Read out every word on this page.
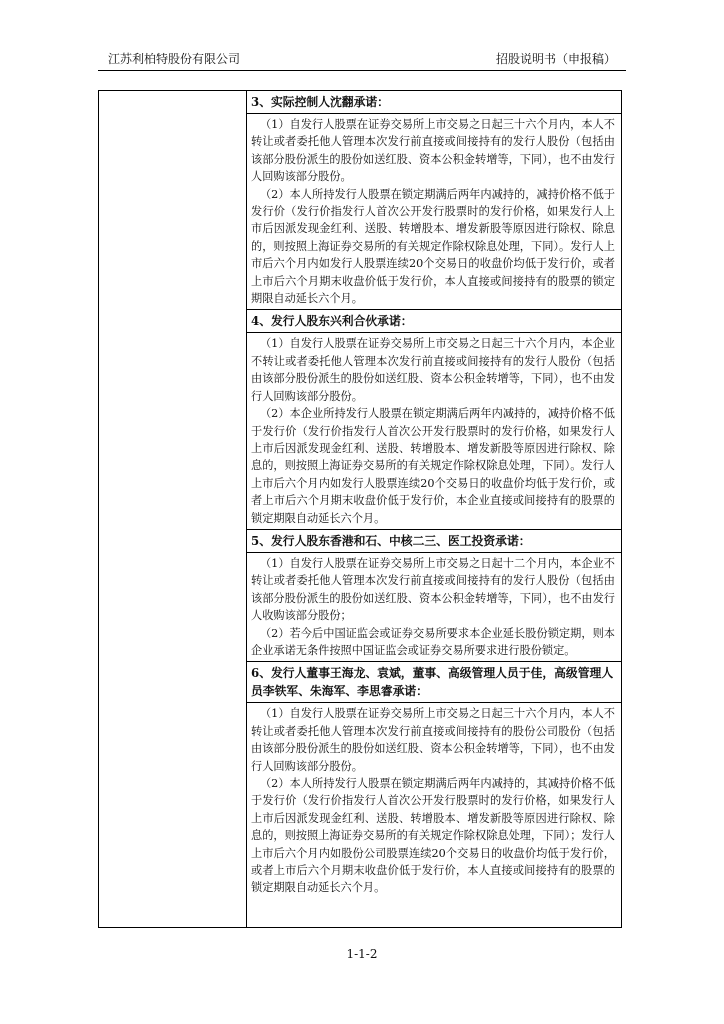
江苏利柏特股份有限公司	招股说明书（申报稿）
3、实际控制人沈翻承诺：

（1）自发行人股票在证券交易所上市交易之日起三十六个月内，本人不转让或者委托他人管理本次发行前直接或间接持有的发行人股份（包括由该部分股份派生的股份如送红股、资本公积金转增等，下同），也不由发行人回购该部分股份。

（2）本人所持发行人股票在锁定期满后两年内减持的，减持价格不低于发行价（发行价指发行人首次公开发行股票时的发行价格，如果发行人上市后因派发现金红利、送股、转增股本、增发新股等原因进行除权、除息的，则按照上海证券交易所的有关规定作除权除息处理，下同）。发行人上市后六个月内如发行人股票连续20个交易日的收盘价均低于发行价，或者上市后六个月期末收盘价低于发行价，本人直接或间接持有的股票的锁定期限自动延长六个月。

4、发行人股东兴利合伙承诺：

（1）自发行人股票在证券交易所上市交易之日起三十六个月内，本企业不转让或者委托他人管理本次发行前直接或间接持有的发行人股份（包括由该部分股份派生的股份如送红股、资本公积金转增等，下同），也不由发行人回购该部分股份。

（2）本企业所持发行人股票在锁定期满后两年内减持的，减持价格不低于发行价（发行价指发行人首次公开发行股票时的发行价格，如果发行人上市后因派发现金红利、送股、转增股本、增发新股等原因进行除权、除息的，则按照上海证券交易所的有关规定作除权除息处理，下同）。发行人上市后六个月内如发行人股票连续20个交易日的收盘价均低于发行价，或者上市后六个月期末收盘价低于发行价，本企业直接或间接持有的股票的锁定期限自动延长六个月。

5、发行人股东香港和石、中核二三、医工投资承诺：

（1）自发行人股票在证券交易所上市交易之日起十二个月内，本企业不转让或者委托他人管理本次发行前直接或间接持有的发行人股份（包括由该部分股份派生的股份如送红股、资本公积金转增等，下同），也不由发行人收购该部分股份；

（2）若今后中国证监会或证券交易所要求本企业延长股份锁定期，则本企业承诺无条件按照中国证监会或证券交易所要求进行股份锁定。

6、发行人董事王海龙、袁斌，董事、高级管理人员于佳，高级管理人员李铁军、朱海军、李思睿承诺：

（1）自发行人股票在证券交易所上市交易之日起三十六个月内，本人不转让或者委托他人管理本次发行前直接或间接持有的股份公司股份（包括由该部分股份派生的股份如送红股、资本公积金转增等，下同），也不由发行人回购该部分股份。

（2）本人所持发行人股票在锁定期满后两年内减持的，其减持价格不低于发行价（发行价指发行人首次公开发行股票时的发行价格，如果发行人上市后因派发现金红利、送股、转增股本、增发新股等原因进行除权、除息的，则按照上海证券交易所的有关规定作除权除息处理，下同）；发行人上市后六个月内如股份公司股票连续20个交易日的收盘价均低于发行价，或者上市后六个月期末收盘价低于发行价，本人直接或间接持有的股票的锁定期限自动延长六个月。

1-1-2
